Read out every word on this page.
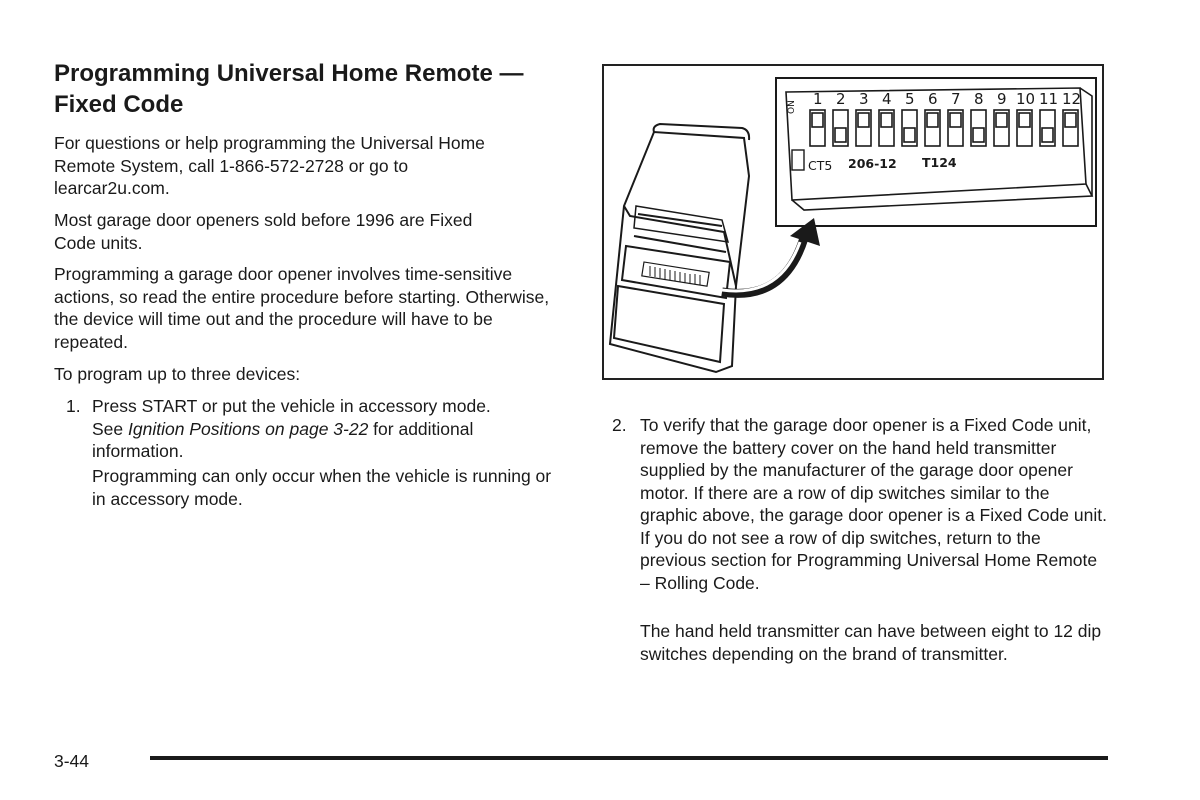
Programming Universal Home Remote — Fixed Code

For questions or help programming the Universal Home Remote System, call 1-866-572-2728 or go to learcar2u.com.

Most garage door openers sold before 1996 are Fixed Code units.

Programming a garage door opener involves time-sensitive actions, so read the entire procedure before starting. Otherwise, the device will time out and the procedure will have to be repeated.

To program up to three devices:

1. Press START or put the vehicle in accessory mode.
See Ignition Positions on page 3-22 for additional information.

Programming can only occur when the vehicle is running or in accessory mode.

1 2 3 4 5 6 7 8 9 10 11 12
ON
CT5 206-12 T124
2. To verify that the garage door opener is a Fixed Code unit, remove the battery cover on the hand held transmitter supplied by the manufacturer of the garage door opener motor. If there are a row of dip switches similar to the graphic above, the garage door opener is a Fixed Code unit. If you do not see a row of dip switches, return to the previous section for Programming Universal Home Remote – Rolling Code.

The hand held transmitter can have between eight to 12 dip switches depending on the brand of transmitter.

3-44
